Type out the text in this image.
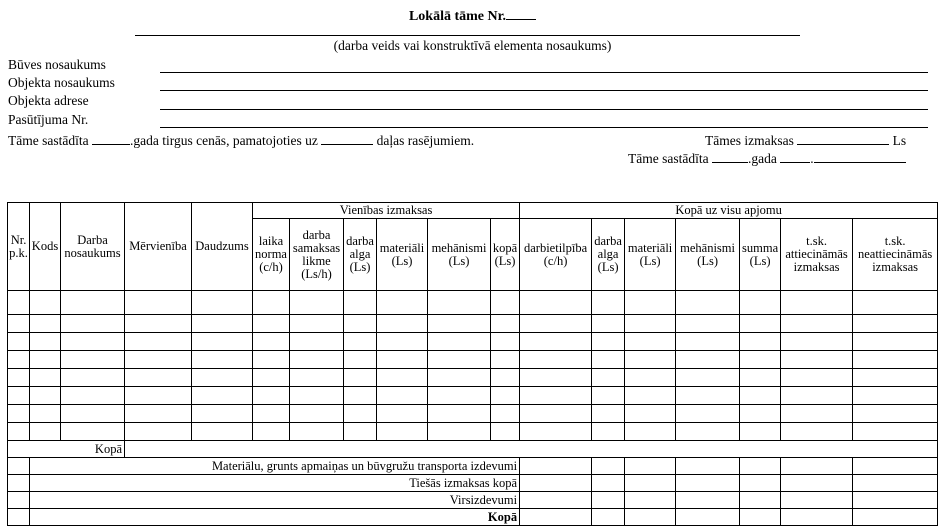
Lokālā tāme Nr.
(darba veids vai konstruktīvā elementa nosaukums)
Būves nosaukums
Objekta nosaukums
Objekta adrese
Pasūtījuma Nr.
Tāme sastādīta	.gada tirgus cenās, pamatojoties uz	daļas rasējumiem.	Tāmes izmaksas	Ls
Tāme sastādīta	.gada .
Nr. p.k.	Kods	Darba nosaukums	Mērvienība	Daudzums	Vienības izmaksas						Kopā uz visu apjomu						
					laika norma (c/h)	darba samaksas likme (Ls/h)	darba alga (Ls)	materiāli (Ls)	mehānismi (Ls)	kopā (Ls)	darbietilpība (c/h)	darba alga (Ls)	materiāli (Ls)	mehānismi (Ls)	summa (Ls)	t.sk. attiecināmās izmaksas	t.sk. neattiecināmās izmaksas

Kopā																	
	Materiālu, grunts apmaiņas un būvgružu transporta izdevumi																
	Tiešās izmaksas kopā																
	Virsizdevumi																
	Kopā																
